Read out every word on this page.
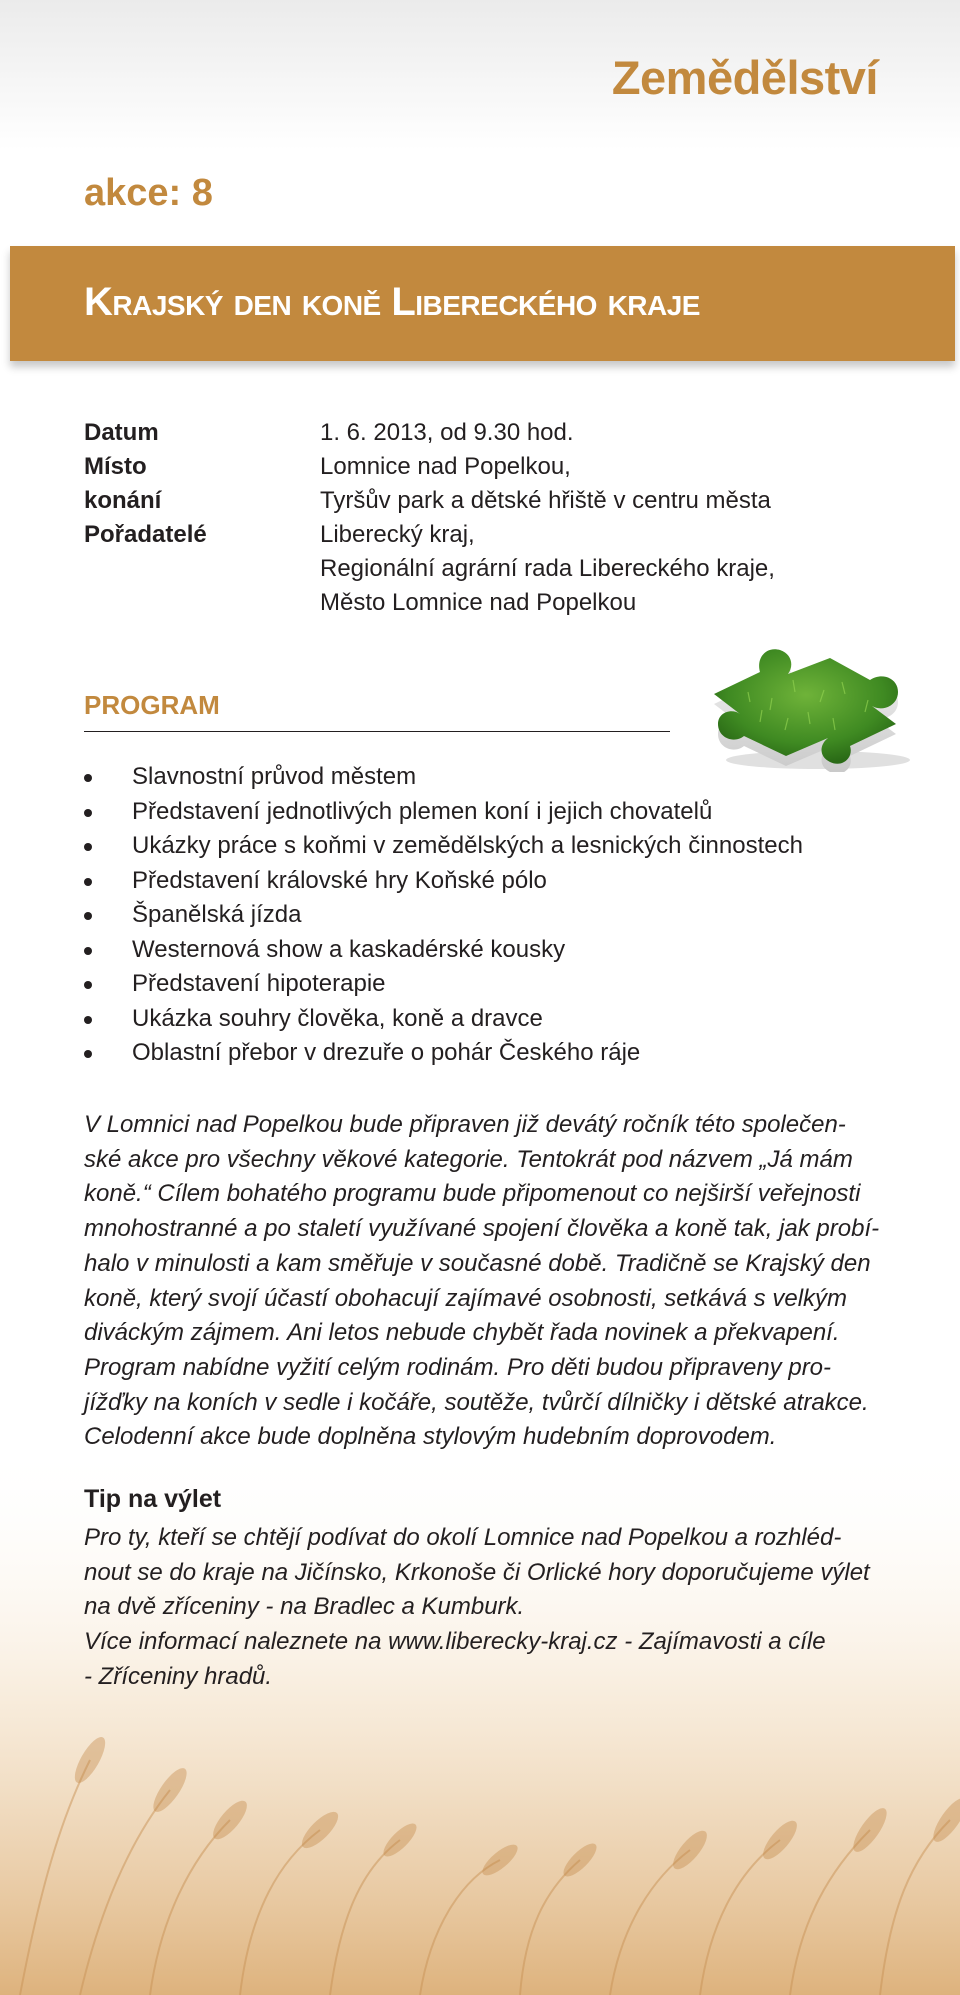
Zemědělství
akce: 8
Krajský den koně Libereckého kraje
Datum	1. 6. 2013, od 9.30 hod.
Místo konání
Lomnice nad Popelkou,
Tyršův park a dětské hřiště v centru města
Pořadatelé	Liberecký kraj,
Regionální agrární rada Libereckého kraje,
Město Lomnice nad Popelkou
PROGRAM
Slavnostní průvod městem
Představení jednotlivých plemen koní i jejich chovatelů
Ukázky práce s koňmi v zemědělských a lesnických činnostech
Představení královské hry Koňské pólo
Španělská jízda
Westernová show a kaskadérské kousky
Představení hipoterapie
Ukázka souhry člověka, koně a dravce
Oblastní přebor v drezuře o pohár Českého ráje
V Lomnici nad Popelkou bude připraven již devátý ročník této společen-
ské akce pro všechny věkové kategorie. Tentokrát pod názvem „Já mám
koně.“ Cílem bohatého programu bude připomenout co nejširší veřejnosti
mnohostranné a po staletí využívané spojení člověka a koně tak, jak probí-
halo v minulosti a kam směřuje v současné době. Tradičně se Krajský den
koně, který svojí účastí obohacují zajímavé osobnosti, setkává s velkým
diváckým zájmem. Ani letos nebude chybět řada novinek a překvapení.
Program nabídne vyžití celým rodinám. Pro děti budou připraveny pro-
jížďky na koních v sedle i kočáře, soutěže, tvůrčí dílničky i dětské atrakce.
Celodenní akce bude doplněna stylovým hudebním doprovodem.
Tip na výlet
Pro ty, kteří se chtějí podívat do okolí Lomnice nad Popelkou a rozhléd-
nout se do kraje na Jičínsko, Krkonoše či Orlické hory doporučujeme výlet
na dvě zříceniny - na Bradlec a Kumburk.
Více informací naleznete na www.liberecky-kraj.cz - Zajímavosti a cíle
- Zříceniny hradů.
